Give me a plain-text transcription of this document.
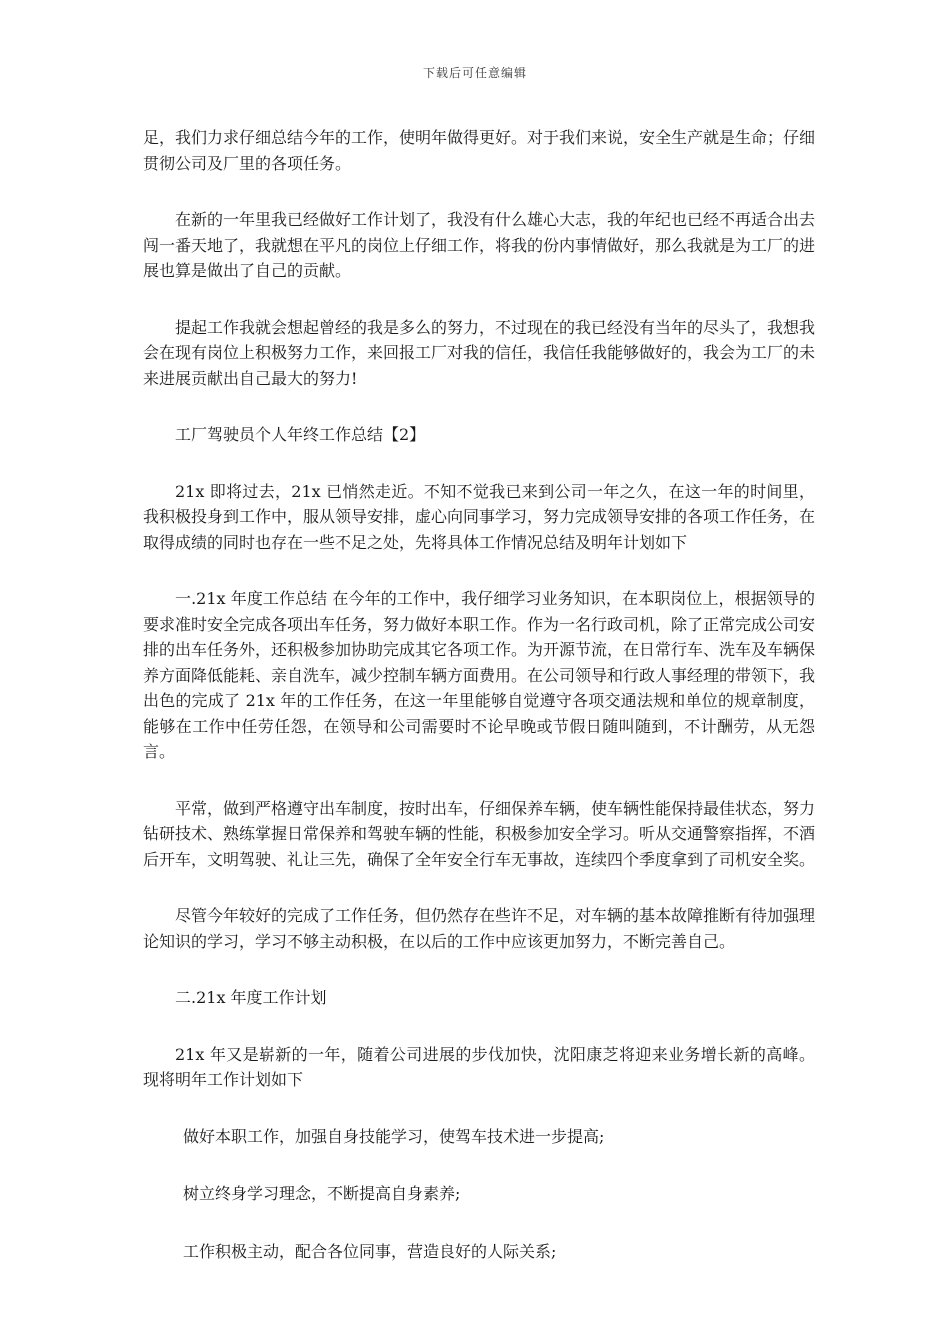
下载后可任意编辑

足，我们力求仔细总结今年的工作，使明年做得更好。对于我们来说，安全生产就是生命；仔细贯彻公司及厂里的各项任务。

在新的一年里我已经做好工作计划了，我没有什么雄心大志，我的年纪也已经不再适合出去闯一番天地了，我就想在平凡的岗位上仔细工作，将我的份内事情做好，那么我就是为工厂的进展也算是做出了自己的贡献。

提起工作我就会想起曾经的我是多么的努力，不过现在的我已经没有当年的尽头了，我想我会在现有岗位上积极努力工作，来回报工厂对我的信任，我信任我能够做好的，我会为工厂的未来进展贡献出自己最大的努力!

工厂驾驶员个人年终工作总结【2】

21x 即将过去，21x 已悄然走近。不知不觉我已来到公司一年之久，在这一年的时间里，我积极投身到工作中，服从领导安排，虚心向同事学习，努力完成领导安排的各项工作任务，在取得成绩的同时也存在一些不足之处，先将具体工作情况总结及明年计划如下

一.21x 年度工作总结 在今年的工作中，我仔细学习业务知识，在本职岗位上，根据领导的要求准时安全完成各项出车任务，努力做好本职工作。作为一名行政司机，除了正常完成公司安排的出车任务外，还积极参加协助完成其它各项工作。为开源节流，在日常行车、洗车及车辆保养方面降低能耗、亲自洗车，减少控制车辆方面费用。在公司领导和行政人事经理的带领下，我出色的完成了 21x 年的工作任务，在这一年里能够自觉遵守各项交通法规和单位的规章制度，能够在工作中任劳任怨，在领导和公司需要时不论早晚或节假日随叫随到，不计酬劳，从无怨言。

平常，做到严格遵守出车制度，按时出车，仔细保养车辆，使车辆性能保持最佳状态，努力钻研技术、熟练掌握日常保养和驾驶车辆的性能，积极参加安全学习。听从交通警察指挥，不酒后开车，文明驾驶、礼让三先，确保了全年安全行车无事故，连续四个季度拿到了司机安全奖。

尽管今年较好的完成了工作任务，但仍然存在些许不足，对车辆的基本故障推断有待加强理论知识的学习，学习不够主动积极，在以后的工作中应该更加努力，不断完善自己。

二.21x 年度工作计划

21x 年又是崭新的一年，随着公司进展的步伐加快，沈阳康芝将迎来业务增长新的高峰。现将明年工作计划如下

做好本职工作，加强自身技能学习，使驾车技术进一步提高;

树立终身学习理念，不断提高自身素养;

工作积极主动，配合各位同事，营造良好的人际关系;
